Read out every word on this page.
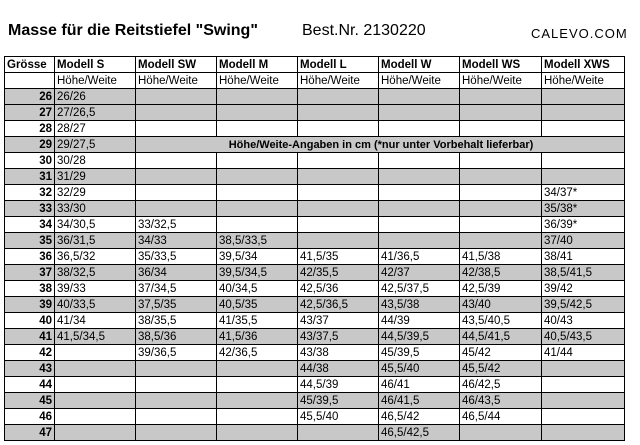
Masse für die Reitstiefel "Swing"	Best.Nr. 2130220	CALEVO.COM
Grösse	Modell S	Modell SW	Modell M	Modell L	Modell W	Modell WS	Modell XWS
	Höhe/Weite	Höhe/Weite	Höhe/Weite	Höhe/Weite	Höhe/Weite	Höhe/Weite	Höhe/Weite
26	26/26						
27	27/26,5						
28	28/27						
29	29/27,5	Höhe/Weite-Angaben in cm (*nur unter Vorbehalt lieferbar)					
30	30/28						
31	31/29						
32	32/29						34/37*
33	33/30						35/38*
34	34/30,5	33/32,5					36/39*
35	36/31,5	34/33	38,5/33,5				37/40
36	36,5/32	35/33,5	39,5/34	41,5/35	41/36,5	41,5/38	38/41
37	38/32,5	36/34	39,5/34,5	42/35,5	42/37	42/38,5	38,5/41,5
38	39/33	37/34,5	40/34,5	42,5/36	42,5/37,5	42,5/39	39/42
39	40/33,5	37,5/35	40,5/35	42,5/36,5	43,5/38	43/40	39,5/42,5
40	41/34	38/35,5	41/35,5	43/37	44/39	43,5/40,5	40/43
41	41,5/34,5	38,5/36	41,5/36	43/37,5	44,5/39,5	44,5/41,5	40,5/43,5
42		39/36,5	42/36,5	43/38	45/39,5	45/42	41/44
43				44/38	45,5/40	45,5/42	
44				44,5/39	46/41	46/42,5	
45				45/39,5	46/41,5	46/43,5	
46				45,5/40	46,5/42	46,5/44	
47					46,5/42,5		
